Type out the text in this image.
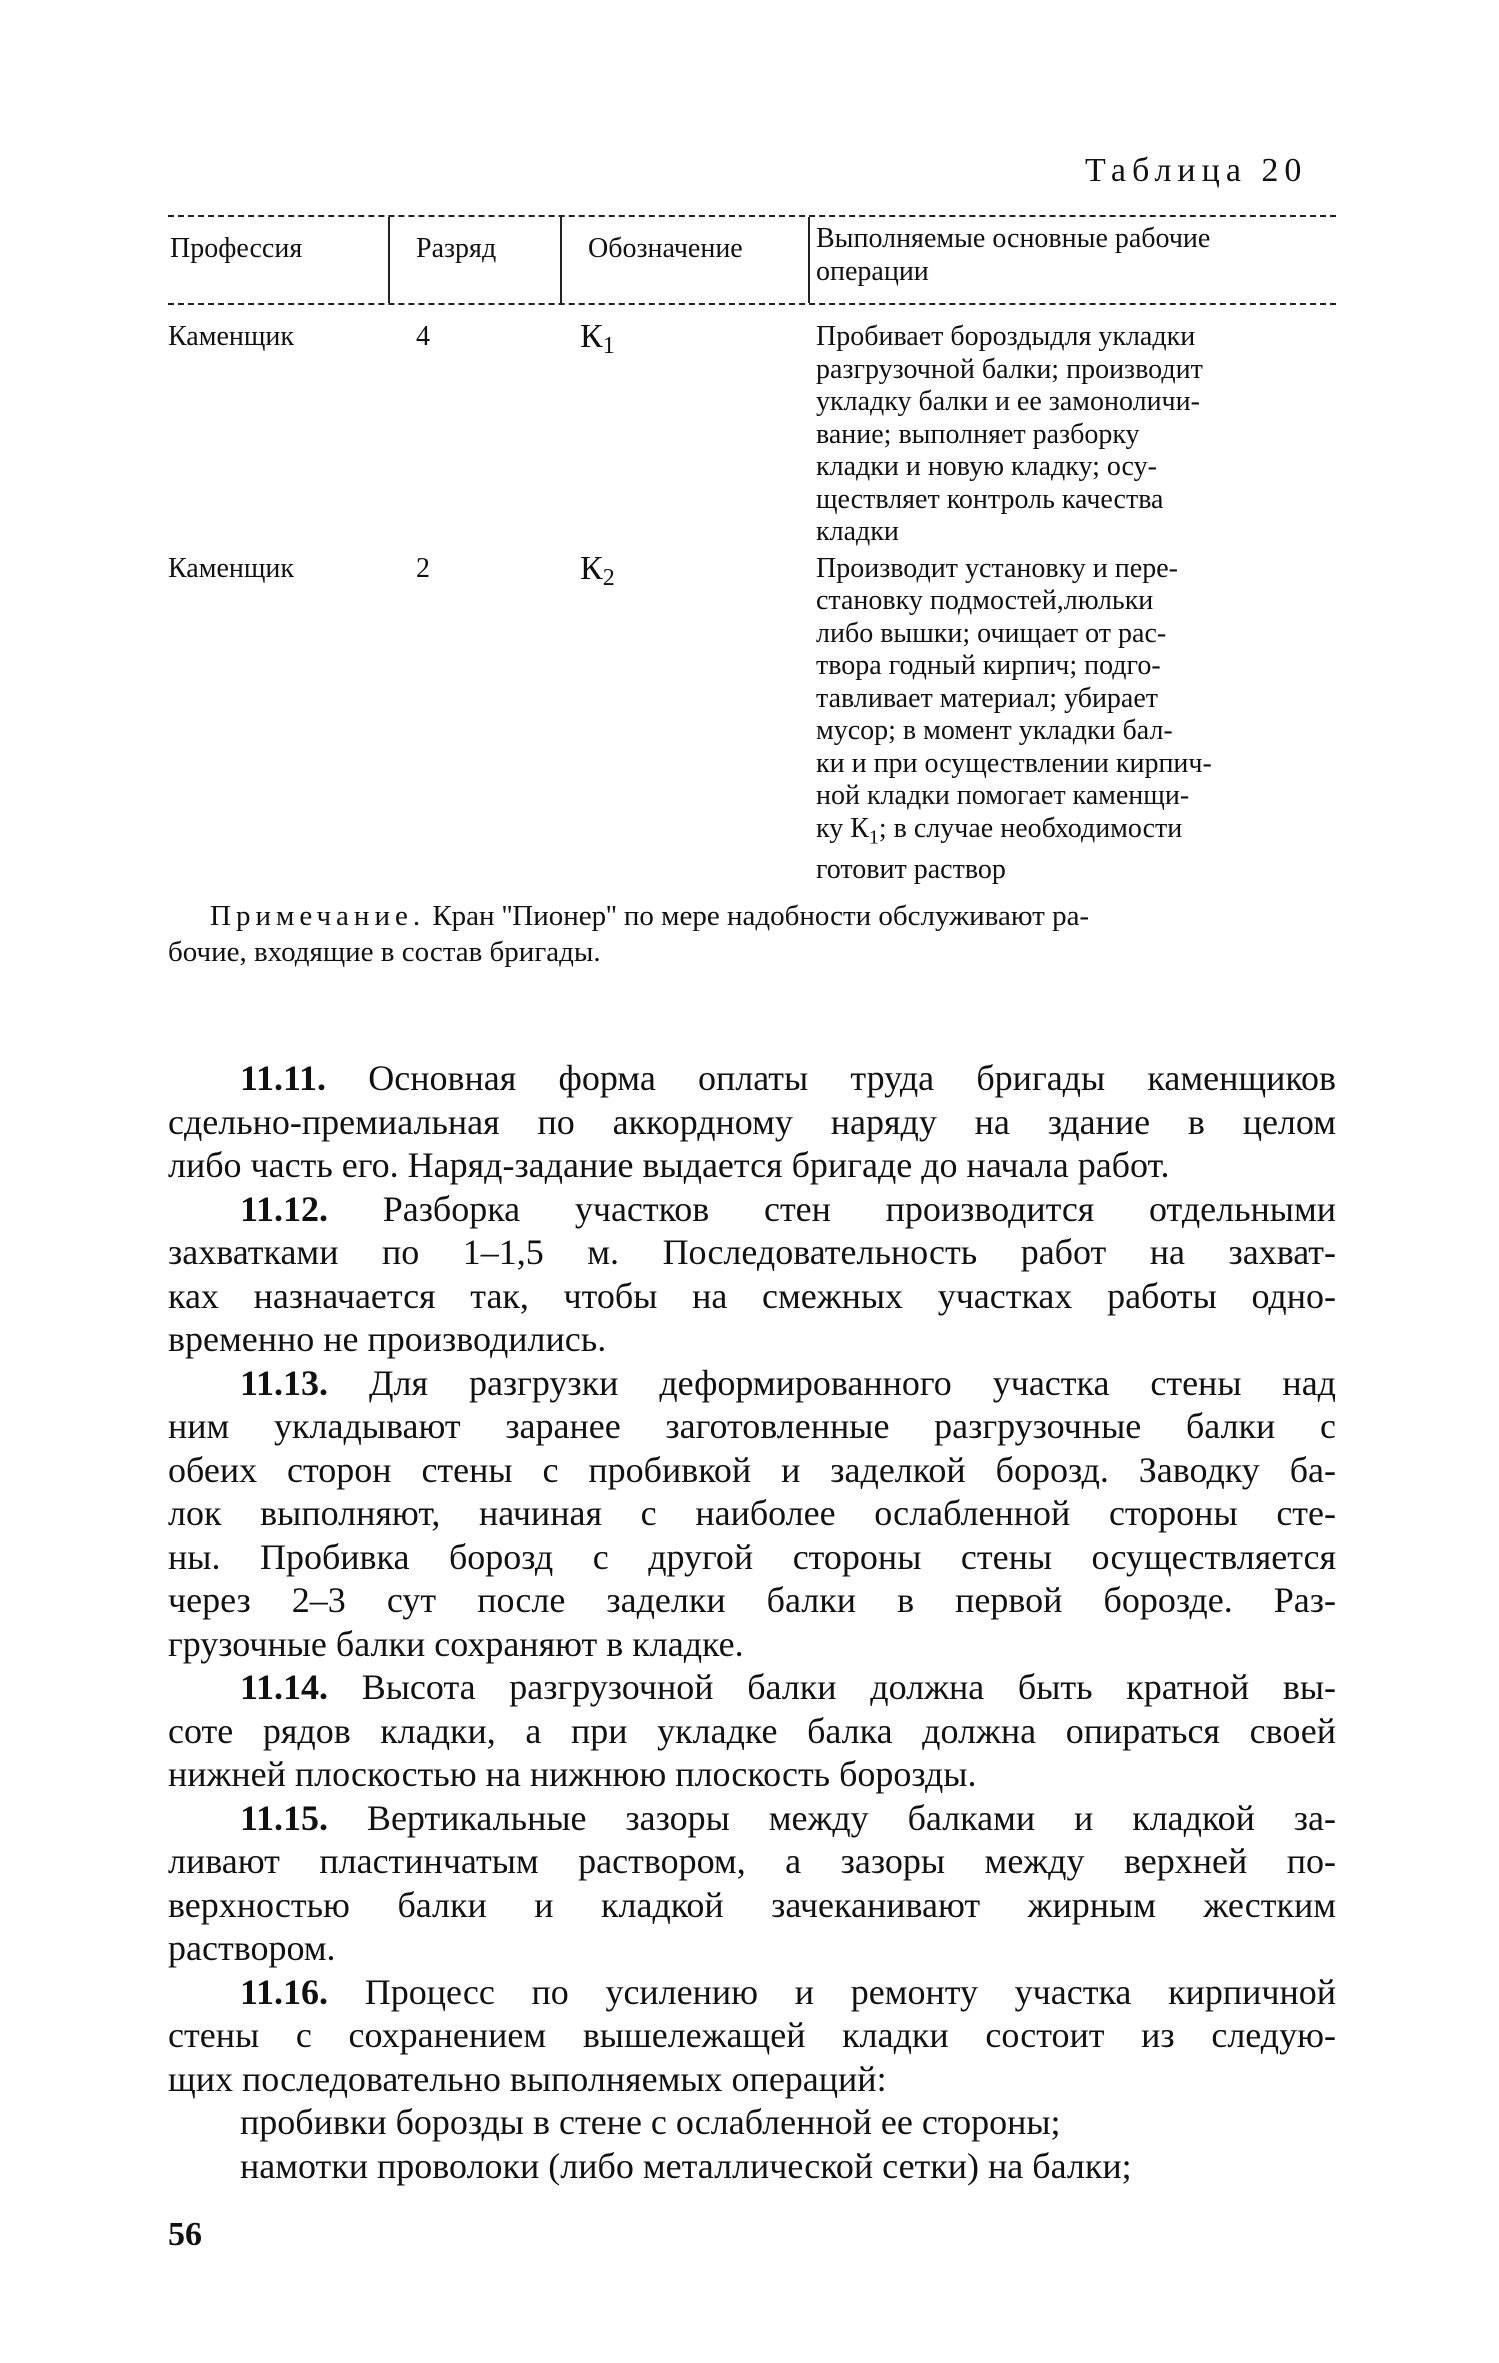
Таблица 20
Профессия	Разряд	Обозначение	Выполняемые основные рабочие
операции
Каменщик	4	$К_1$	Пробивает бороздыдля укладки
разгрузочной балки; производит
укладку балки и ее замоноличи-
вание; выполняет разборку
кладки и новую кладку; осу-
ществляет контроль качества
кладки
Каменщик	2	$К_2$	Производит установку и пере-
становку подмостей,люльки
либо вышки; очищает от рас-
твора годный кирпич; подго-
тавливает материал; убирает
мусор; в момент укладки бал-
ки и при осуществлении кирпич-
ной кладки помогает каменщи-
ку $К_1$; в случае необходимости
готовит раствор
Примечание. Кран ''Пионер'' по мере надобности обслуживают ра-
бочие, входящие в состав бригады.
11.11. Основная форма оплаты труда бригады каменщиков
сдельно-премиальная по аккордному наряду на здание в целом
либо часть его. Наряд-задание выдается бригаде до начала работ.
11.12. Разборка участков стен производится отдельными
захватками по 1–1,5 м. Последовательность работ на захват-
ках назначается так, чтобы на смежных участках работы одно-
временно не производились.
11.13. Для разгрузки деформированного участка стены над
ним укладывают заранее заготовленные разгрузочные балки с
обеих сторон стены с пробивкой и заделкой борозд. Заводку ба-
лок выполняют, начиная с наиболее ослабленной стороны сте-
ны. Пробивка борозд с другой стороны стены осуществляется
через 2–3 сут после заделки балки в первой борозде. Раз-
грузочные балки сохраняют в кладке.
11.14. Высота разгрузочной балки должна быть кратной вы-
соте рядов кладки, а при укладке балка должна опираться своей
нижней плоскостью на нижнюю плоскость борозды.
11.15. Вертикальные зазоры между балками и кладкой за-
ливают пластинчатым раствором, а зазоры между верхней по-
верхностью балки и кладкой зачеканивают жирным жестким
раствором.
11.16. Процесс по усилению и ремонту участка кирпичной
стены с сохранением вышележащей кладки состоит из следую-
щих последовательно выполняемых операций:
пробивки борозды в стене с ослабленной ее стороны;
намотки проволоки (либо металлической сетки) на балки;
56
